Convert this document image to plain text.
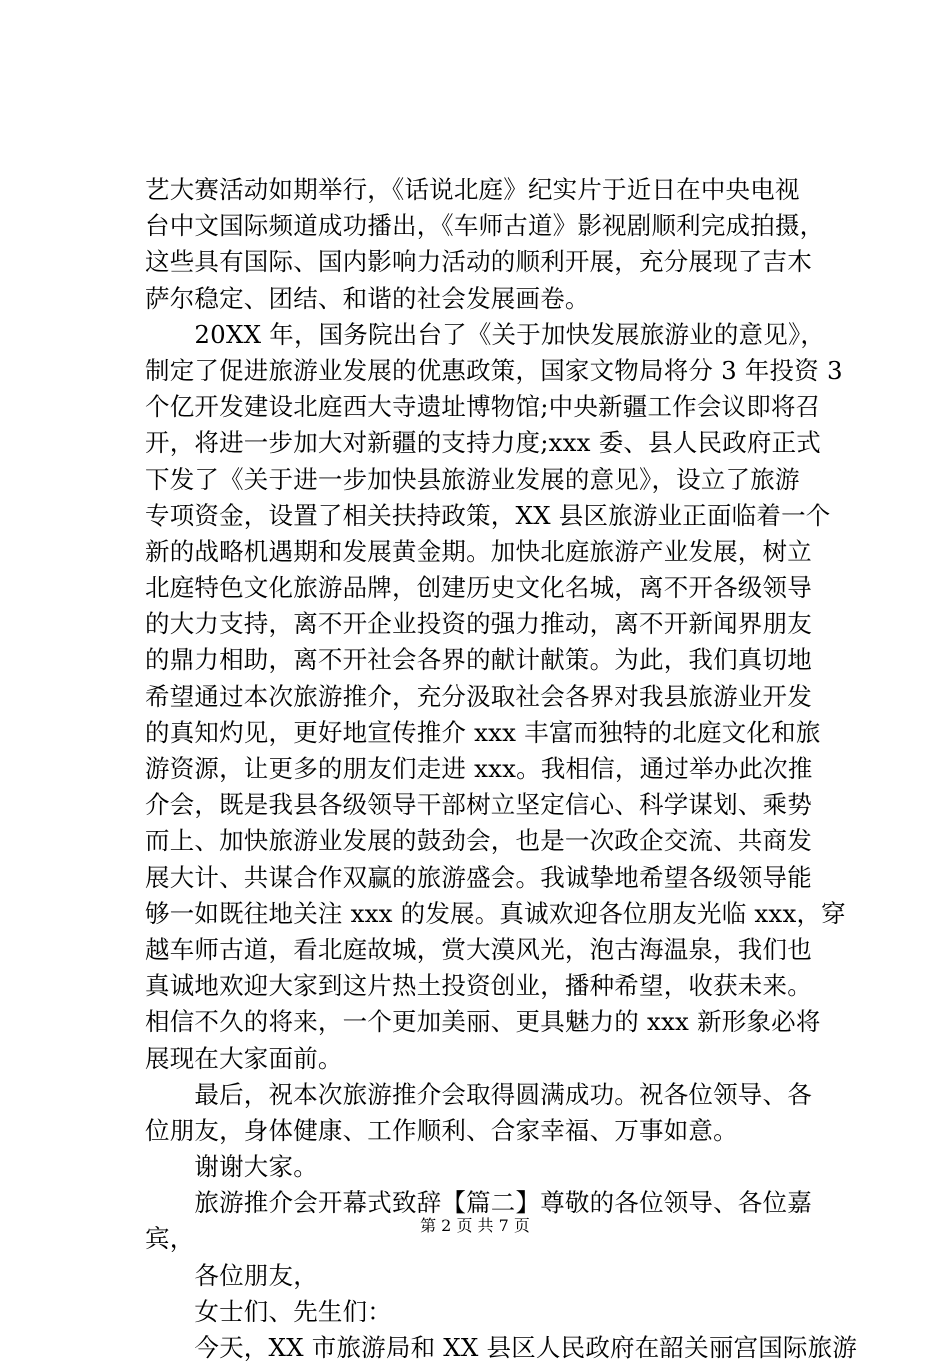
艺大赛活动如期举行，《话说北庭》纪实片于近日在中央电视
台中文国际频道成功播出，《车师古道》影视剧顺利完成拍摄，
这些具有国际、国内影响力活动的顺利开展，充分展现了吉木
萨尔稳定、团结、和谐的社会发展画卷。
　　20XX 年，国务院出台了《关于加快发展旅游业的意见》，
制定了促进旅游业发展的优惠政策，国家文物局将分 3 年投资 3
个亿开发建设北庭西大寺遗址博物馆;中央新疆工作会议即将召
开，将进一步加大对新疆的支持力度;xxx 委、县人民政府正式
下发了《关于进一步加快县旅游业发展的意见》，设立了旅游
专项资金，设置了相关扶持政策，XX 县区旅游业正面临着一个
新的战略机遇期和发展黄金期。加快北庭旅游产业发展，树立
北庭特色文化旅游品牌，创建历史文化名城，离不开各级领导
的大力支持，离不开企业投资的强力推动，离不开新闻界朋友
的鼎力相助，离不开社会各界的献计献策。为此，我们真切地
希望通过本次旅游推介，充分汲取社会各界对我县旅游业开发
的真知灼见，更好地宣传推介 xxx 丰富而独特的北庭文化和旅
游资源，让更多的朋友们走进 xxx。我相信，通过举办此次推
介会，既是我县各级领导干部树立坚定信心、科学谋划、乘势
而上、加快旅游业发展的鼓劲会，也是一次政企交流、共商发
展大计、共谋合作双赢的旅游盛会。我诚挚地希望各级领导能
够一如既往地关注 xxx 的发展。真诚欢迎各位朋友光临 xxx，穿
越车师古道，看北庭故城，赏大漠风光，泡古海温泉，我们也
真诚地欢迎大家到这片热土投资创业，播种希望，收获未来。
相信不久的将来，一个更加美丽、更具魅力的 xxx 新形象必将
展现在大家面前。
　　最后，祝本次旅游推介会取得圆满成功。祝各位领导、各
位朋友，身体健康、工作顺利、合家幸福、万事如意。
　　谢谢大家。
　　旅游推介会开幕式致辞【篇二】尊敬的各位领导、各位嘉
宾，
　　各位朋友，
　　女士们、先生们：
　　今天，XX 市旅游局和 XX 县区人民政府在韶关丽宫国际旅游
第 2 页 共 7 页
